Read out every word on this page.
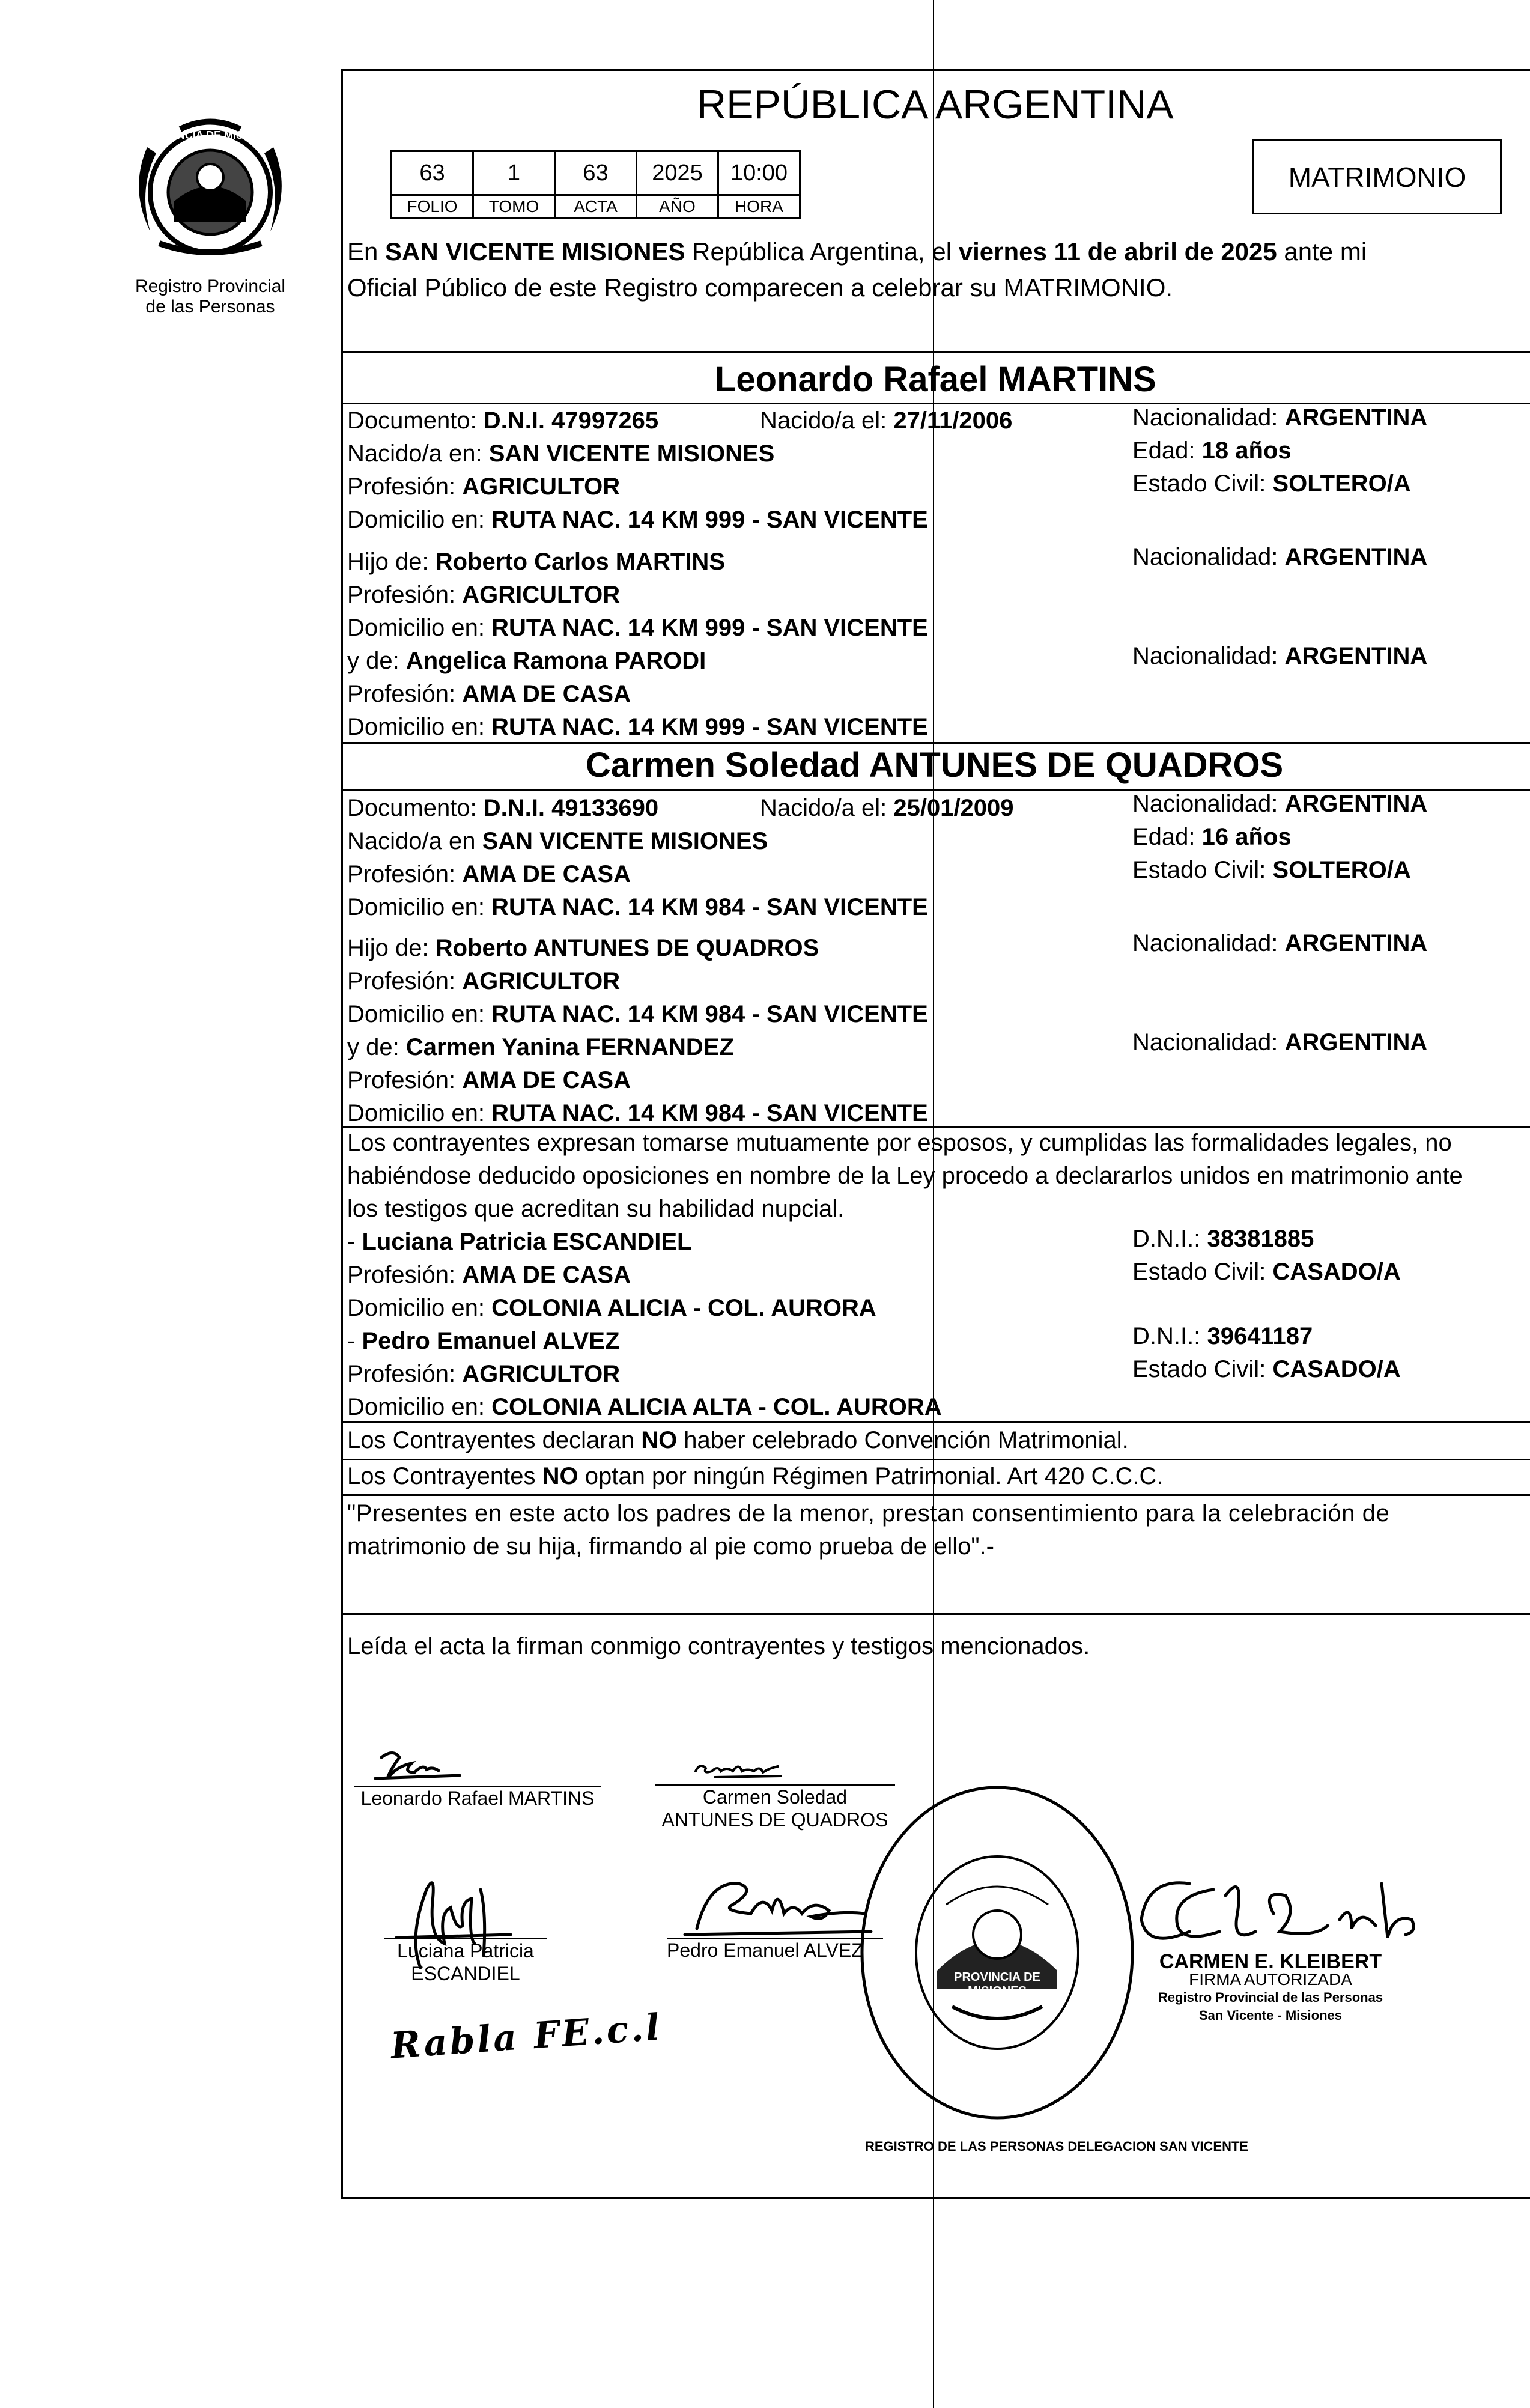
PROVINCIA DE MISIONES
Registro Provincial
de las Personas
REPÚBLICA ARGENTINA
63	1	63	2025	10:00
FOLIO	TOMO	ACTA	AÑO	HORA
MATRIMONIO
En SAN VICENTE MISIONES República Argentina, el viernes 11 de abril de 2025 ante mi
Oficial Público de este Registro comparecen a celebrar su MATRIMONIO.
Leonardo Rafael MARTINS
Documento: D.N.I. 47997265	Nacido/a el: 27/11/2006	Nacionalidad: ARGENTINA
Nacido/a en: SAN VICENTE MISIONES	Edad: 18 años
Profesión: AGRICULTOR	Estado Civil: SOLTERO/A
Domicilio en: RUTA NAC. 14 KM 999 - SAN VICENTE
Hijo de: Roberto Carlos MARTINS	Nacionalidad: ARGENTINA
Profesión: AGRICULTOR
Domicilio en: RUTA NAC. 14 KM 999 - SAN VICENTE
y de: Angelica Ramona PARODI	Nacionalidad: ARGENTINA
Profesión: AMA DE CASA
Domicilio en: RUTA NAC. 14 KM 999 - SAN VICENTE
Carmen Soledad ANTUNES DE QUADROS
Documento: D.N.I. 49133690	Nacido/a el: 25/01/2009	Nacionalidad: ARGENTINA
Nacido/a en SAN VICENTE MISIONES	Edad: 16 años
Profesión: AMA DE CASA	Estado Civil: SOLTERO/A
Domicilio en: RUTA NAC. 14 KM 984 - SAN VICENTE
Hijo de: Roberto ANTUNES DE QUADROS	Nacionalidad: ARGENTINA
Profesión: AGRICULTOR
Domicilio en: RUTA NAC. 14 KM 984 - SAN VICENTE
y de: Carmen Yanina FERNANDEZ	Nacionalidad: ARGENTINA
Profesión: AMA DE CASA
Domicilio en: RUTA NAC. 14 KM 984 - SAN VICENTE
Los contrayentes expresan tomarse mutuamente por esposos, y cumplidas las formalidades legales, no
habiéndose deducido oposiciones en nombre de la Ley procedo a declararlos unidos en matrimonio ante
los testigos que acreditan su habilidad nupcial.
- Luciana Patricia ESCANDIEL	D.N.I.: 38381885
Profesión: AMA DE CASA	Estado Civil: CASADO/A
Domicilio en: COLONIA ALICIA - COL. AURORA
- Pedro Emanuel ALVEZ	D.N.I.: 39641187
Profesión: AGRICULTOR	Estado Civil: CASADO/A
Domicilio en: COLONIA ALICIA ALTA - COL. AURORA
Los Contrayentes declaran NO haber celebrado Convención Matrimonial.
Los Contrayentes NO optan por ningún Régimen Patrimonial. Art 420 C.C.C.
"Presentes en este acto los padres de la menor, prestan consentimiento para la celebración de
matrimonio de su hija, firmando al pie como prueba de ello".-
Leída el acta la firman conmigo contrayentes y testigos mencionados.
Leonardo Rafael MARTINS	Carmen Soledad
ANTUNES DE QUADROS
Luciana Patricia
ESCANDIEL
Pedro Emanuel ALVEZ
Rabla FE.c.l
REGISTRO DE LAS PERSONAS DELEGACION SAN VICENTE
PROVINCIA DE MISIONES
CARMEN E. KLEIBERT
FIRMA AUTORIZADA
Registro Provincial de las Personas
San Vicente - Misiones
